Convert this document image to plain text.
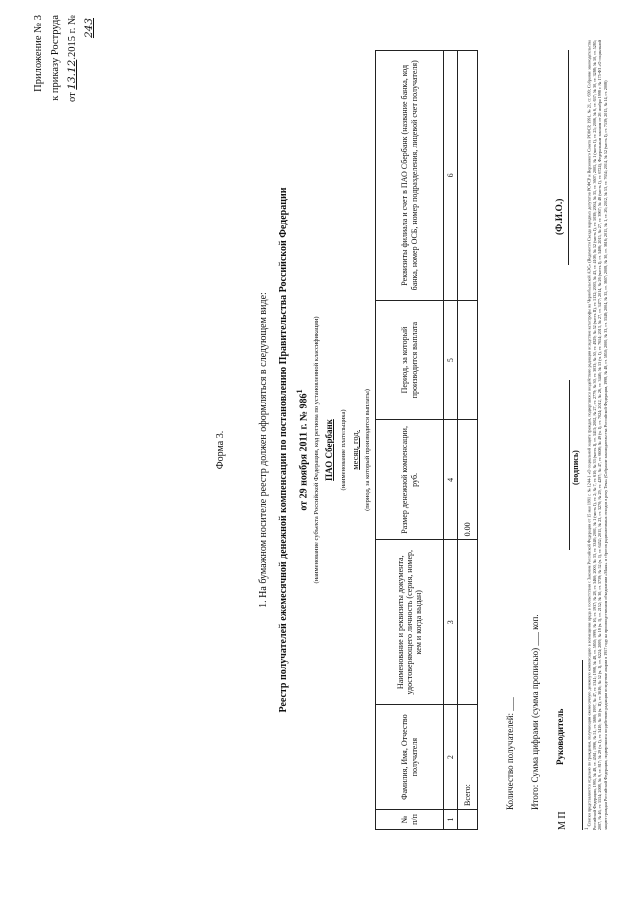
Приложение № 3 к приказу Роструда от 13.12.2015 г. № 243
Форма 3.	1. На бумажном носителе реестр должен оформляться в следующем виде: Реестр получателей ежемесячной денежной компенсации по постановлению Правительства Российской Федерации от 29 ноября 2011 г. № $986^1$	(наименование субъекта Российской Федерации, код региона по установленной классификации) ПАО Сбербанк (наименование плательщика) месяц, год. (период, за который производятся выплаты)
№ п/п	Фамилия, Имя, Отчество получателя	Наименование и реквизиты документа, удостоверяющего личность (серия, номер, кем и когда выдан)	Размер денежной компенсации, руб.	Период, за который производится выплата	Реквизиты филиала и счет в ПАО Сбербанк (название банка, код банка, номер ОСБ, номер подразделения, лицевой счет получателя)
1	2	3	4	5	6
	Всего:		0.00		
Количество получателей: ___ Итого: Сумма цифрами (сумма прописью) ___ коп.
М П
Руководитель
(подпись)
(Ф.И.О.)
$^1$ Списки представляются отдельно по гражданам, получающим ежемесячную денежную компенсацию в возмещение вреда в соответствии с Законом Российской Федерации от 15 мая 1991 г. № 1244-1 «О социальной защите граждан, подвергшихся воздействию радиации вследствие катастрофы на Чернобыльской АЭС» (Ведомости Съезда народных депутатов РСФСР и Верховного Совета РСФСР, 1991, № 21, ст. 699; Собрание законодательства Российской Федерации, 1995, № 48, ст. 4561; 1996, № 51, ст. 5680; 1997, № 47, ст. 5341; 1998, № 48, ст. 5850; 1999, № 16, ст. 1937; № 28, ст. 3460; 2000, № 33, ст. 3348; 2001, № 1 (часть I), ст. 2; № 7, ст. 610; № 33 (часть I), ст. 3413; 2002, № 27, ст. 2779; № 30, ст. 3033; № 50, ст. 4929; № 52 (часть II), ст. 5132; 2003, № 43, ст. 4108; № 52 (часть I), ст. 5038; 2004, № 35, ст. 3607; 2005, № 1 (часть I), ст. 25; 2006, № 6, ст. 637; № 30, ст. 3288; № 50, ст. 5285; 2007, № 46, ст. 5554; 2008, № 9, ст. 817; № 29 (ч. I), ст. 3410; № 30 (ч. II), ст. 3616; № 52 (ч. I), ст. 6224; 2009, № 18 (ч. I), ст. 2152; № 30, ст. 3739; № 52 (ч. I), ст. 6452; 2011, № 23, ст. 3270; № 29, ст. 4297; № 47, ст. 6608; № 49 (ч. I), ст. 7024; 2012, № 26, ст. 3446; № 53 (ч. I), ст. 7654; 2013, № 27, ст. 3477; 2014, № 26 (часть I), ст. 3406; 2015, № 27, ст. 3967; № 48 (часть I), ст. 6724), Федеральным законом от 26 ноября 1998 г. № 175-ФЗ «О социальной защите граждан Российской Федерации, подвергшихся воздействию радиации вследствие аварии в 1957 году на производственном объединении «Маяк» и сбросов радиоактивных отходов в реку Теча» (Собрание законодательства Российской Федерации, 1998, № 48, ст. 5850; 2000, № 33, ст. 3348; 2004, № 35, ст. 3607; 2008, № 30, ст. 3616; 2011, № 1, ст. 26; 2012, № 53, ст. 7654; 2014, № 52 (часть I), ст. 7539; 2015, № 14, ст. 2008)
